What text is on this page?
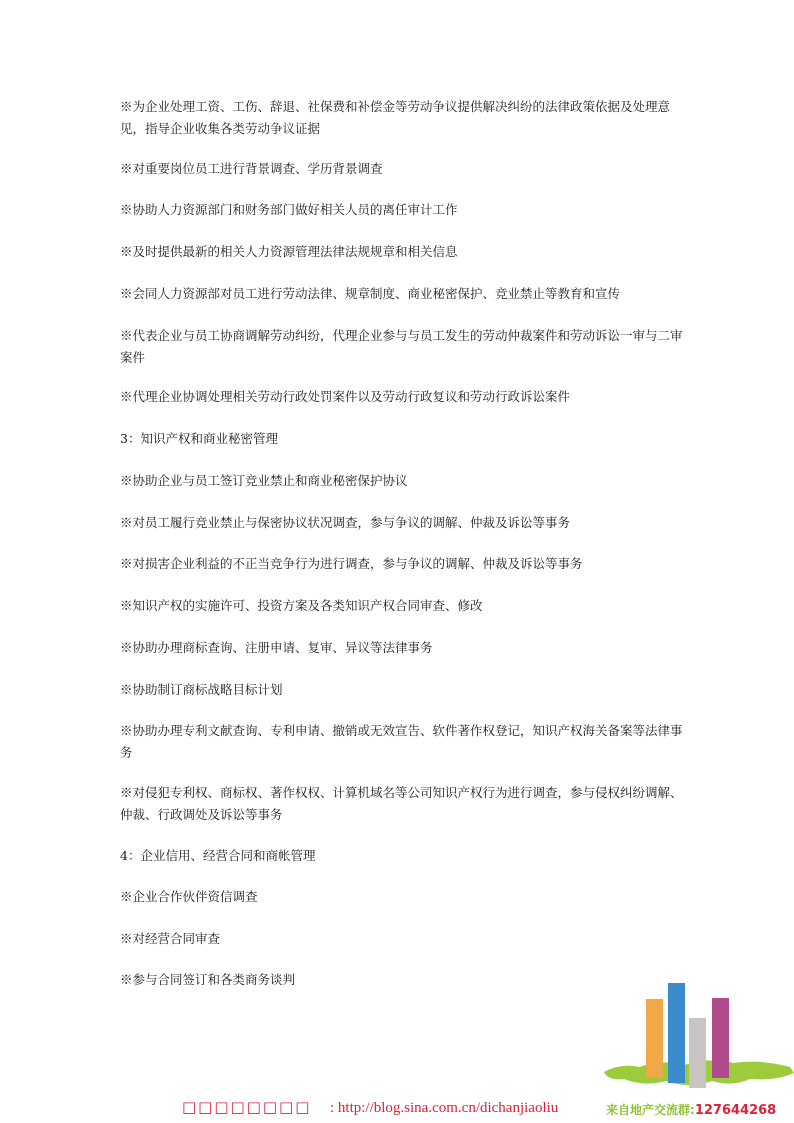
※为企业处理工资、工伤、辞退、社保费和补偿金等劳动争议提供解决纠纷的法律政策依据及处理意见，指导企业收集各类劳动争议证据

※对重要岗位员工进行背景调查、学历背景调查

※协助人力资源部门和财务部门做好相关人员的离任审计工作

※及时提供最新的相关人力资源管理法律法规规章和相关信息

※会同人力资源部对员工进行劳动法律、规章制度、商业秘密保护、竞业禁止等教育和宣传

※代表企业与员工协商调解劳动纠纷，代理企业参与与员工发生的劳动仲裁案件和劳动诉讼一审与二审案件

※代理企业协调处理相关劳动行政处罚案件以及劳动行政复议和劳动行政诉讼案件

3：知识产权和商业秘密管理

※协助企业与员工签订竞业禁止和商业秘密保护协议

※对员工履行竞业禁止与保密协议状况调查，参与争议的调解、仲裁及诉讼等事务

※对损害企业利益的不正当竞争行为进行调查，参与争议的调解、仲裁及诉讼等事务

※知识产权的实施许可、投资方案及各类知识产权合同审查、修改

※协助办理商标查询、注册申请、复审、异议等法律事务

※协助制订商标战略目标计划

※协助办理专利文献查询、专利申请、撤销或无效宣告、软件著作权登记，知识产权海关备案等法律事务

※对侵犯专利权、商标权、著作权权、计算机域名等公司知识产权行为进行调查，参与侵权纠纷调解、仲裁、行政调处及诉讼等事务

4：企业信用、经营合同和商帐管理

※企业合作伙伴资信调查

※对经营合同审查

※参与合同签订和各类商务谈判

□□□□□□□□ : http://blog.sina.com.cn/dichanjiaoliu	来自地产交流群:127644268
